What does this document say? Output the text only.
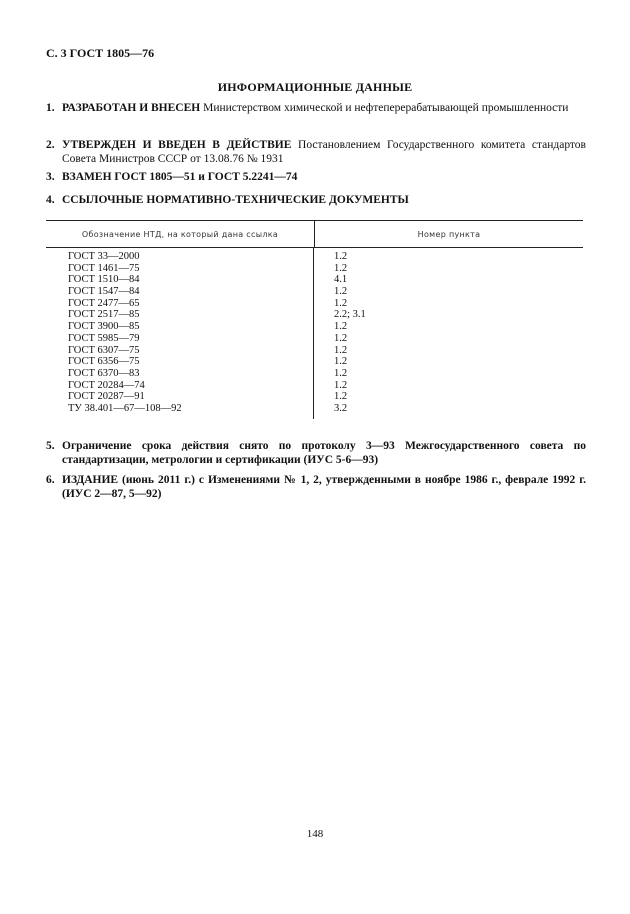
С. 3 ГОСТ 1805—76
ИНФОРМАЦИОННЫЕ ДАННЫЕ
1. РАЗРАБОТАН И ВНЕСЕН Министерством химической и нефтеперерабатывающей промышленности
2. УТВЕРЖДЕН И ВВЕДЕН В ДЕЙСТВИЕ Постановлением Государственного комитета стандартов Совета Министров СССР от 13.08.76 № 1931
3. ВЗАМЕН ГОСТ 1805—51 и ГОСТ 5.2241—74
4. ССЫЛОЧНЫЕ НОРМАТИВНО-ТЕХНИЧЕСКИЕ ДОКУМЕНТЫ
Обозначение НТД, на который дана ссылка	Номер пункта
ГОСТ 33—2000
ГОСТ 1461—75
ГОСТ 1510—84
ГОСТ 1547—84
ГОСТ 2477—65
ГОСТ 2517—85
ГОСТ 3900—85
ГОСТ 5985—79
ГОСТ 6307—75
ГОСТ 6356—75
ГОСТ 6370—83
ГОСТ 20284—74
ГОСТ 20287—91
ТУ 38.401—67—108—92
1.2
1.2
4.1
1.2
1.2
2.2; 3.1
1.2
1.2
1.2
1.2
1.2
1.2
1.2
3.2
5. Ограничение срока действия снято по протоколу 3—93 Межгосударственного совета по стандартизации, метрологии и сертификации (ИУС 5-6—93)
6. ИЗДАНИЕ (июнь 2011 г.) с Изменениями № 1, 2, утвержденными в ноябре 1986 г., феврале 1992 г. (ИУС 2—87, 5—92)
148
